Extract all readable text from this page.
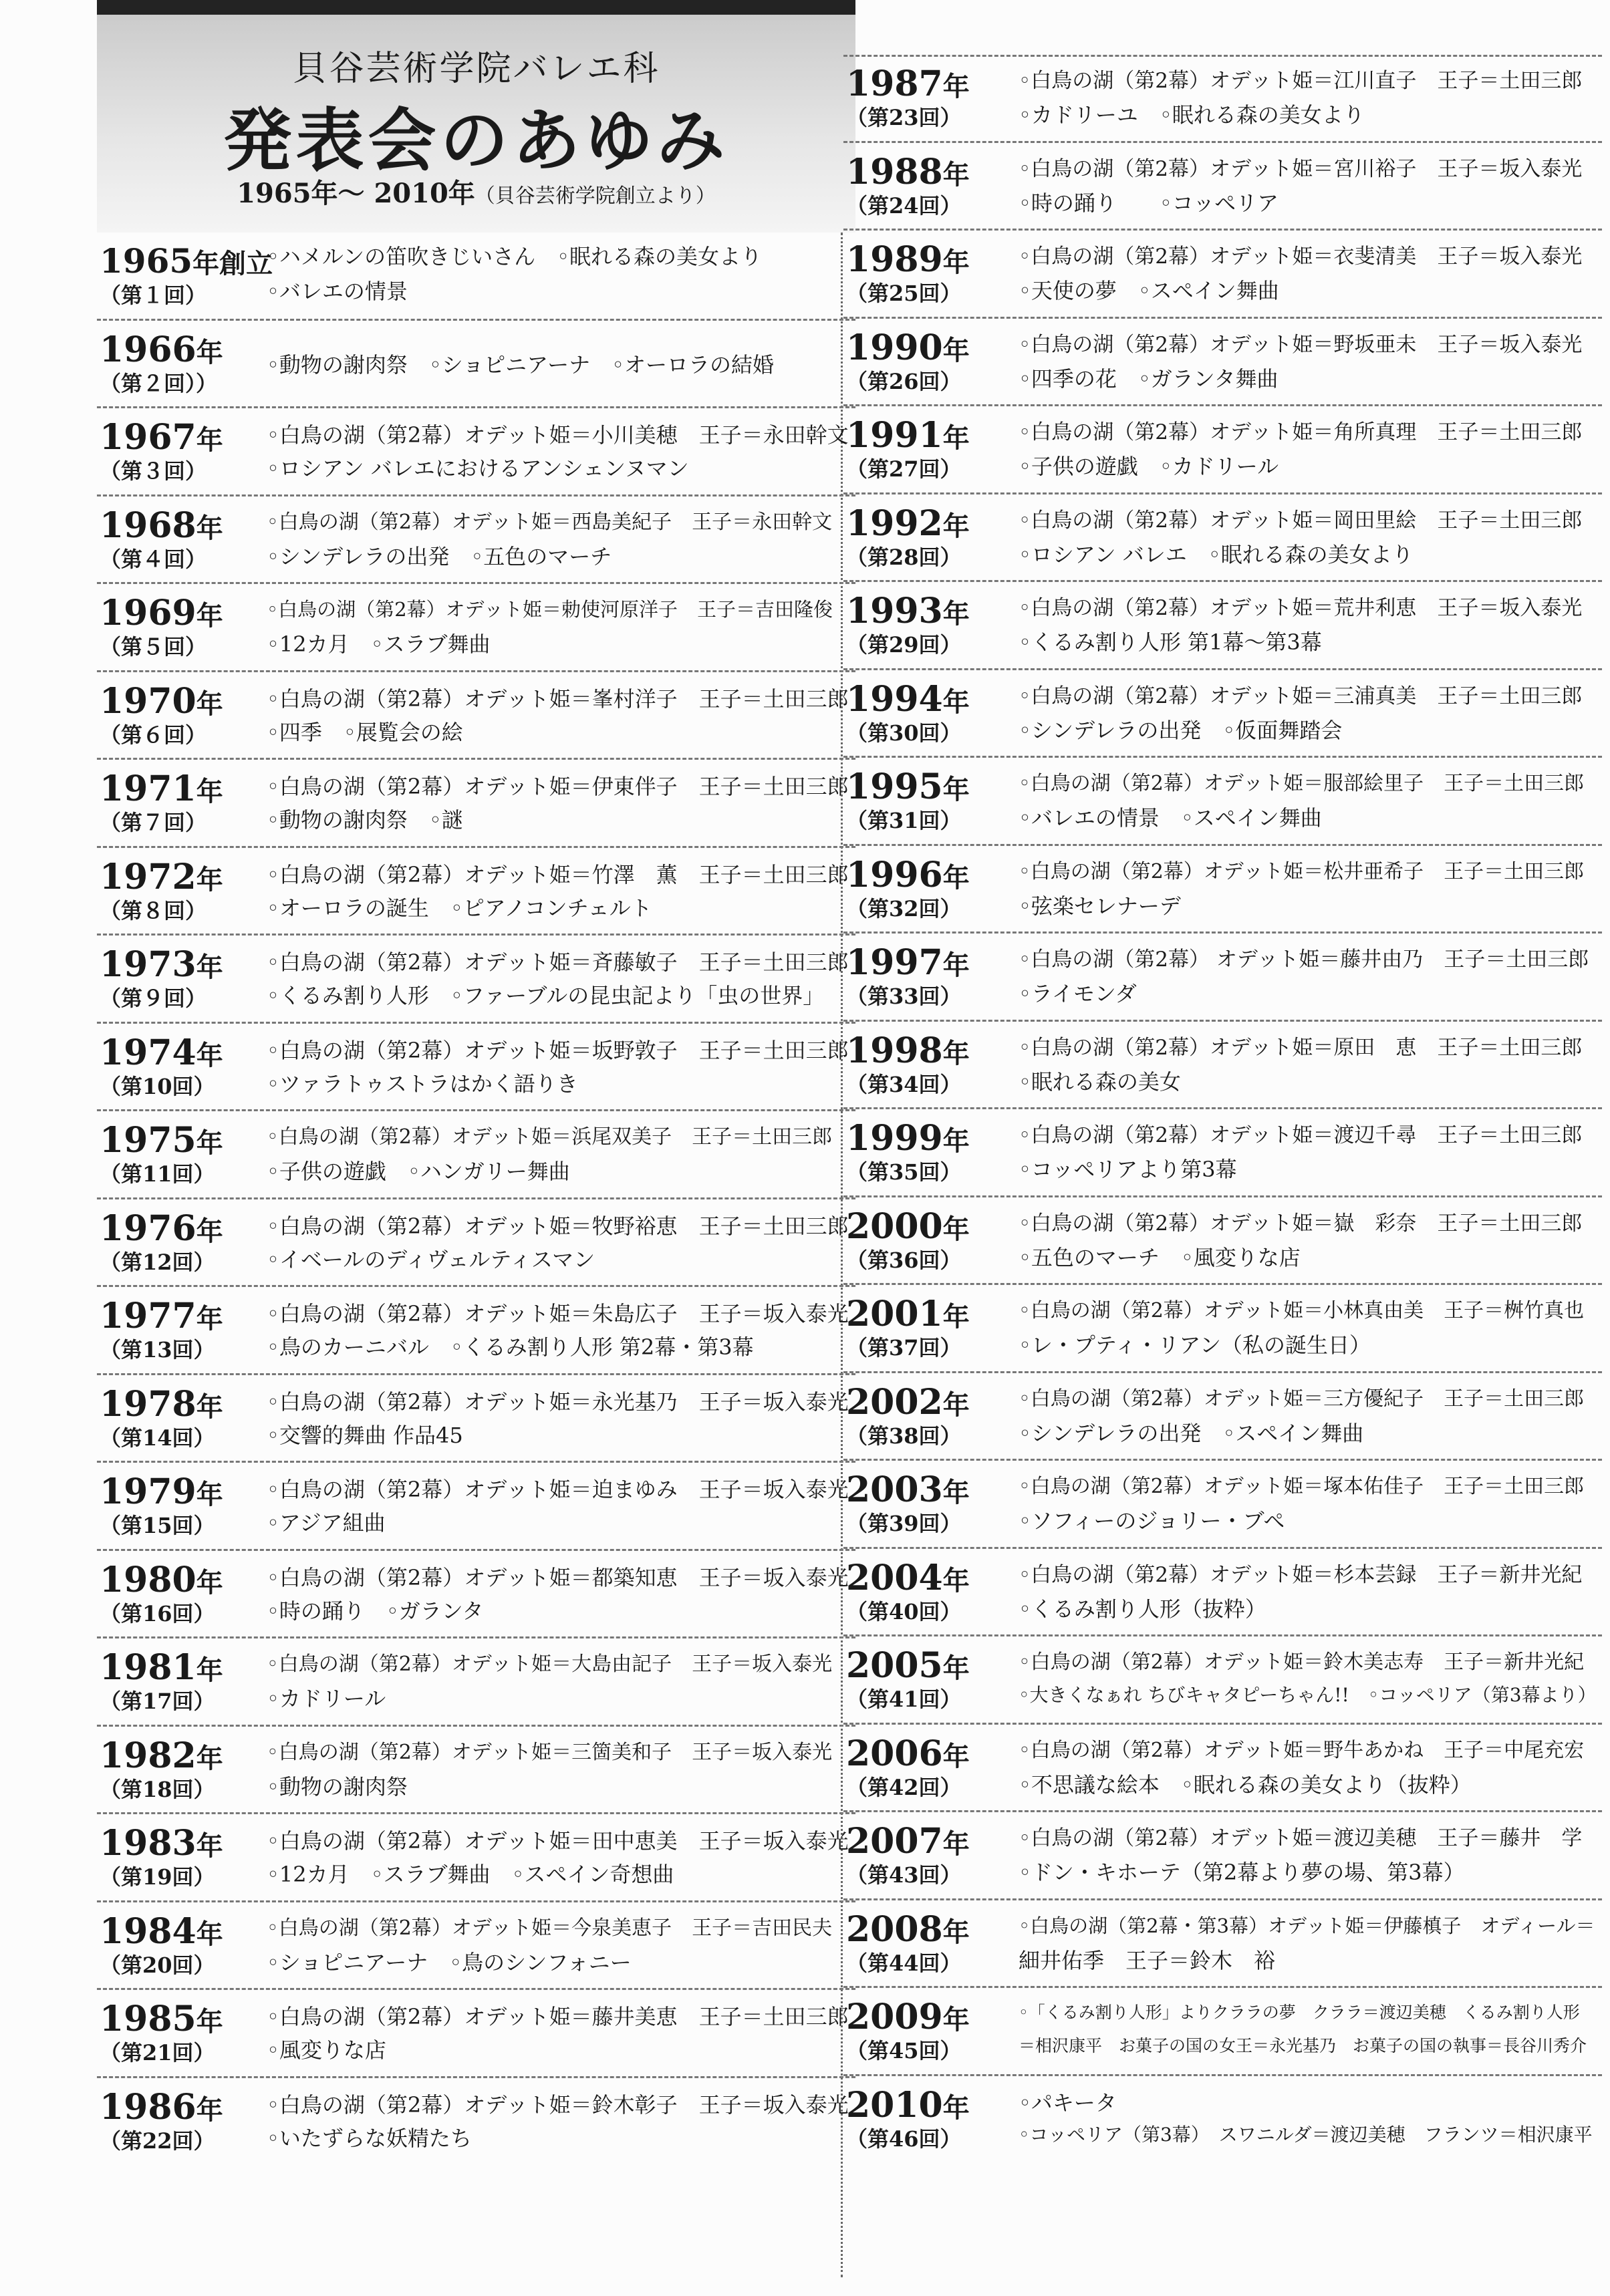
貝谷芸術学院バレエ科
発表会のあゆみ
1965年～ 2010年（貝谷芸術学院創立より）
1965年創立
（第１回）
◦ハメルンの笛吹きじいさん　◦眠れる森の美女より
◦バレエの情景
1966年
（第２回））
◦動物の謝肉祭　◦ショピニアーナ　◦オーロラの結婚
1967年
（第３回）
◦白鳥の湖（第2幕）オデット姫＝小川美穂　王子＝永田幹文
◦ロシアン バレエにおけるアンシェンヌマン
1968年
（第４回）
◦白鳥の湖（第2幕）オデット姫＝西島美紀子　王子＝永田幹文
◦シンデレラの出発　◦五色のマーチ
1969年
（第５回）
◦白鳥の湖（第2幕）オデット姫＝勅使河原洋子　王子＝吉田隆俊
◦12カ月　◦スラブ舞曲
1970年
（第６回）
◦白鳥の湖（第2幕）オデット姫＝峯村洋子　王子＝土田三郎
◦四季　◦展覧会の絵
1971年
（第７回）
◦白鳥の湖（第2幕）オデット姫＝伊東伴子　王子＝土田三郎
◦動物の謝肉祭　◦謎
1972年
（第８回）
◦白鳥の湖（第2幕）オデット姫＝竹澤　薫　王子＝土田三郎
◦オーロラの誕生　◦ピアノコンチェルト
1973年
（第９回）
◦白鳥の湖（第2幕）オデット姫＝斉藤敏子　王子＝土田三郎
◦くるみ割り人形　◦ファーブルの昆虫記より「虫の世界」
1974年
（第10回）
◦白鳥の湖（第2幕）オデット姫＝坂野敦子　王子＝土田三郎
◦ツァラトゥストラはかく語りき
1975年
（第11回）
◦白鳥の湖（第2幕）オデット姫＝浜尾双美子　王子＝土田三郎
◦子供の遊戯　◦ハンガリー舞曲
1976年
（第12回）
◦白鳥の湖（第2幕）オデット姫＝牧野裕恵　王子＝土田三郎
◦イベールのディヴェルティスマン
1977年
（第13回）
◦白鳥の湖（第2幕）オデット姫＝朱島広子　王子＝坂入泰光
◦鳥のカーニバル　◦くるみ割り人形 第2幕・第3幕
1978年
（第14回）
◦白鳥の湖（第2幕）オデット姫＝永光基乃　王子＝坂入泰光
◦交響的舞曲 作品45
1979年
（第15回）
◦白鳥の湖（第2幕）オデット姫＝迫まゆみ　王子＝坂入泰光
◦アジア組曲
1980年
（第16回）
◦白鳥の湖（第2幕）オデット姫＝都築知恵　王子＝坂入泰光
◦時の踊り　◦ガランタ
1981年
（第17回）
◦白鳥の湖（第2幕）オデット姫＝大島由記子　王子＝坂入泰光
◦カドリール
1982年
（第18回）
◦白鳥の湖（第2幕）オデット姫＝三箇美和子　王子＝坂入泰光
◦動物の謝肉祭
1983年
（第19回）
◦白鳥の湖（第2幕）オデット姫＝田中恵美　王子＝坂入泰光
◦12カ月　◦スラブ舞曲　◦スペイン奇想曲
1984年
（第20回）
◦白鳥の湖（第2幕）オデット姫＝今泉美恵子　王子＝吉田民夫
◦ショピニアーナ　◦鳥のシンフォニー
1985年
（第21回）
◦白鳥の湖（第2幕）オデット姫＝藤井美恵　王子＝土田三郎
◦風変りな店
1986年
（第22回）
◦白鳥の湖（第2幕）オデット姫＝鈴木彰子　王子＝坂入泰光
◦いたずらな妖精たち
1987年
（第23回）
◦白鳥の湖（第2幕）オデット姫＝江川直子　王子＝土田三郎
◦カドリーユ　◦眠れる森の美女より
1988年
（第24回）
◦白鳥の湖（第2幕）オデット姫＝宮川裕子　王子＝坂入泰光
◦時の踊り　　◦コッペリア
1989年
（第25回）
◦白鳥の湖（第2幕）オデット姫＝衣斐清美　王子＝坂入泰光
◦天使の夢　◦スペイン舞曲
1990年
（第26回）
◦白鳥の湖（第2幕）オデット姫＝野坂亜未　王子＝坂入泰光
◦四季の花　◦ガランタ舞曲
1991年
（第27回）
◦白鳥の湖（第2幕）オデット姫＝角所真理　王子＝土田三郎
◦子供の遊戯　◦カドリール
1992年
（第28回）
◦白鳥の湖（第2幕）オデット姫＝岡田里絵　王子＝土田三郎
◦ロシアン バレエ　◦眠れる森の美女より
1993年
（第29回）
◦白鳥の湖（第2幕）オデット姫＝荒井利恵　王子＝坂入泰光
◦くるみ割り人形 第1幕～第3幕
1994年
（第30回）
◦白鳥の湖（第2幕）オデット姫＝三浦真美　王子＝土田三郎
◦シンデレラの出発　◦仮面舞踏会
1995年
（第31回）
◦白鳥の湖（第2幕）オデット姫＝服部絵里子　王子＝土田三郎
◦バレエの情景　◦スペイン舞曲
1996年
（第32回）
◦白鳥の湖（第2幕）オデット姫＝松井亜希子　王子＝土田三郎
◦弦楽セレナーデ
1997年
（第33回）
◦白鳥の湖（第2幕） オデット姫＝藤井由乃　王子＝土田三郎
◦ライモンダ
1998年
（第34回）
◦白鳥の湖（第2幕）オデット姫＝原田　恵　王子＝土田三郎
◦眠れる森の美女
1999年
（第35回）
◦白鳥の湖（第2幕）オデット姫＝渡辺千尋　王子＝土田三郎
◦コッペリアより第3幕
2000年
（第36回）
◦白鳥の湖（第2幕）オデット姫＝嶽　彩奈　王子＝土田三郎
◦五色のマーチ　◦風変りな店
2001年
（第37回）
◦白鳥の湖（第2幕）オデット姫＝小林真由美　王子＝桝竹真也
◦レ・プティ・リアン（私の誕生日）
2002年
（第38回）
◦白鳥の湖（第2幕）オデット姫＝三方優紀子　王子＝土田三郎
◦シンデレラの出発　◦スペイン舞曲
2003年
（第39回）
◦白鳥の湖（第2幕）オデット姫＝塚本佑佳子　王子＝土田三郎
◦ソフィーのジョリー・ブペ
2004年
（第40回）
◦白鳥の湖（第2幕）オデット姫＝杉本芸録　王子＝新井光紀
◦くるみ割り人形（抜粋）
2005年
（第41回）
◦白鳥の湖（第2幕）オデット姫＝鈴木美志寿　王子＝新井光紀
◦大きくなぁれ ちびキャタピーちゃん!!　◦コッペリア（第3幕より）
2006年
（第42回）
◦白鳥の湖（第2幕）オデット姫＝野牛あかね　王子＝中尾充宏
◦不思議な絵本　◦眠れる森の美女より（抜粋）
2007年
（第43回）
◦白鳥の湖（第2幕）オデット姫＝渡辺美穂　王子＝藤井　学
◦ドン・キホーテ（第2幕より夢の場、第3幕）
2008年
（第44回）
◦白鳥の湖（第2幕・第3幕）オデット姫＝伊藤槙子　オディール＝
細井佑季　王子＝鈴木　裕
2009年
（第45回）
◦「くるみ割り人形」よりクララの夢　クララ＝渡辺美穂　くるみ割り人形
＝相沢康平　お菓子の国の女王＝永光基乃　お菓子の国の執事＝長谷川秀介
2010年
（第46回）
◦パキータ
◦コッペリア（第3幕）　スワニルダ＝渡辺美穂　フランツ＝相沢康平
